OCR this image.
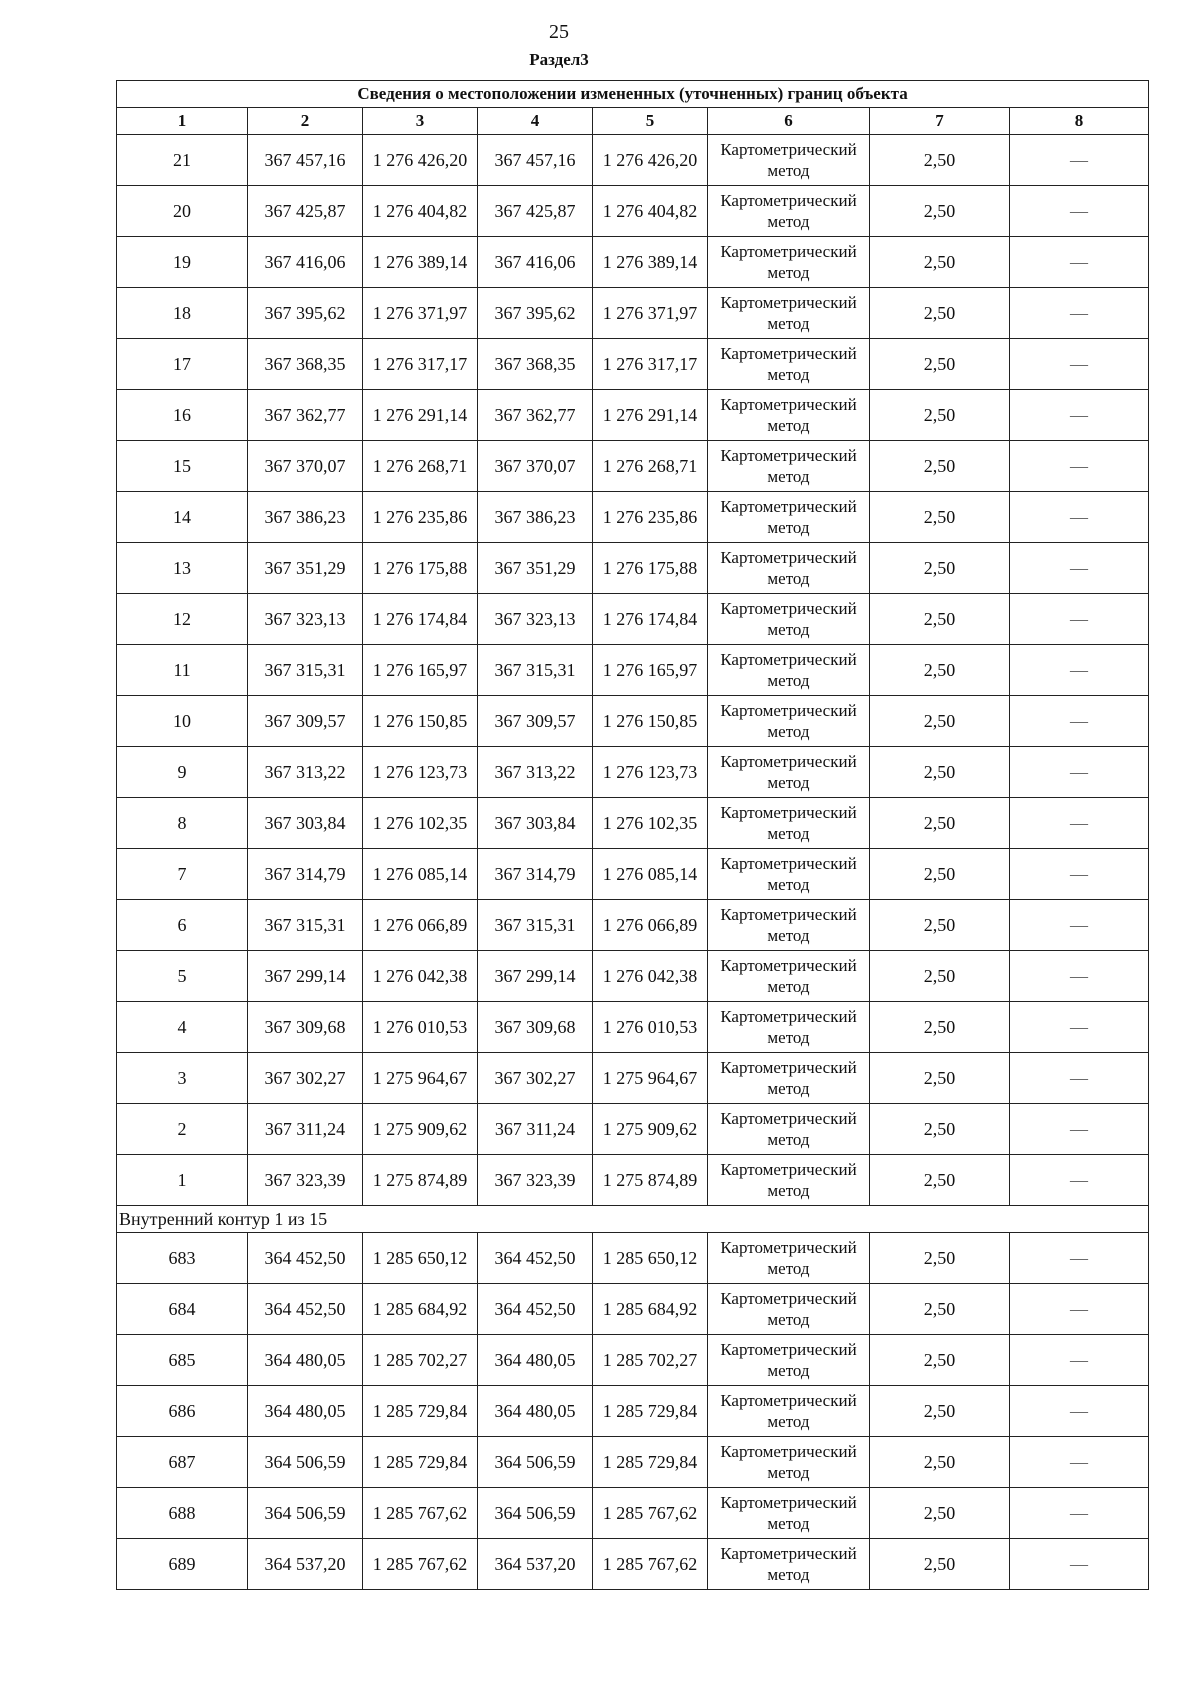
25
Раздел3
Сведения о местоположении измененных (уточненных) границ объекта							
1	2	3	4	5	6	7	8
21	367 457,16	1 276 426,20	367 457,16	1 276 426,20	Картометрический метод	2,50	—
20	367 425,87	1 276 404,82	367 425,87	1 276 404,82	Картометрический метод	2,50	—
19	367 416,06	1 276 389,14	367 416,06	1 276 389,14	Картометрический метод	2,50	—
18	367 395,62	1 276 371,97	367 395,62	1 276 371,97	Картометрический метод	2,50	—
17	367 368,35	1 276 317,17	367 368,35	1 276 317,17	Картометрический метод	2,50	—
16	367 362,77	1 276 291,14	367 362,77	1 276 291,14	Картометрический метод	2,50	—
15	367 370,07	1 276 268,71	367 370,07	1 276 268,71	Картометрический метод	2,50	—
14	367 386,23	1 276 235,86	367 386,23	1 276 235,86	Картометрический метод	2,50	—
13	367 351,29	1 276 175,88	367 351,29	1 276 175,88	Картометрический метод	2,50	—
12	367 323,13	1 276 174,84	367 323,13	1 276 174,84	Картометрический метод	2,50	—
11	367 315,31	1 276 165,97	367 315,31	1 276 165,97	Картометрический метод	2,50	—
10	367 309,57	1 276 150,85	367 309,57	1 276 150,85	Картометрический метод	2,50	—
9	367 313,22	1 276 123,73	367 313,22	1 276 123,73	Картометрический метод	2,50	—
8	367 303,84	1 276 102,35	367 303,84	1 276 102,35	Картометрический метод	2,50	—
7	367 314,79	1 276 085,14	367 314,79	1 276 085,14	Картометрический метод	2,50	—
6	367 315,31	1 276 066,89	367 315,31	1 276 066,89	Картометрический метод	2,50	—
5	367 299,14	1 276 042,38	367 299,14	1 276 042,38	Картометрический метод	2,50	—
4	367 309,68	1 276 010,53	367 309,68	1 276 010,53	Картометрический метод	2,50	—
3	367 302,27	1 275 964,67	367 302,27	1 275 964,67	Картометрический метод	2,50	—
2	367 311,24	1 275 909,62	367 311,24	1 275 909,62	Картометрический метод	2,50	—
1	367 323,39	1 275 874,89	367 323,39	1 275 874,89	Картометрический метод	2,50	—
Внутренний контур 1 из 15							
683	364 452,50	1 285 650,12	364 452,50	1 285 650,12	Картометрический метод	2,50	—
684	364 452,50	1 285 684,92	364 452,50	1 285 684,92	Картометрический метод	2,50	—
685	364 480,05	1 285 702,27	364 480,05	1 285 702,27	Картометрический метод	2,50	—
686	364 480,05	1 285 729,84	364 480,05	1 285 729,84	Картометрический метод	2,50	—
687	364 506,59	1 285 729,84	364 506,59	1 285 729,84	Картометрический метод	2,50	—
688	364 506,59	1 285 767,62	364 506,59	1 285 767,62	Картометрический метод	2,50	—
689	364 537,20	1 285 767,62	364 537,20	1 285 767,62	Картометрический метод	2,50	—
